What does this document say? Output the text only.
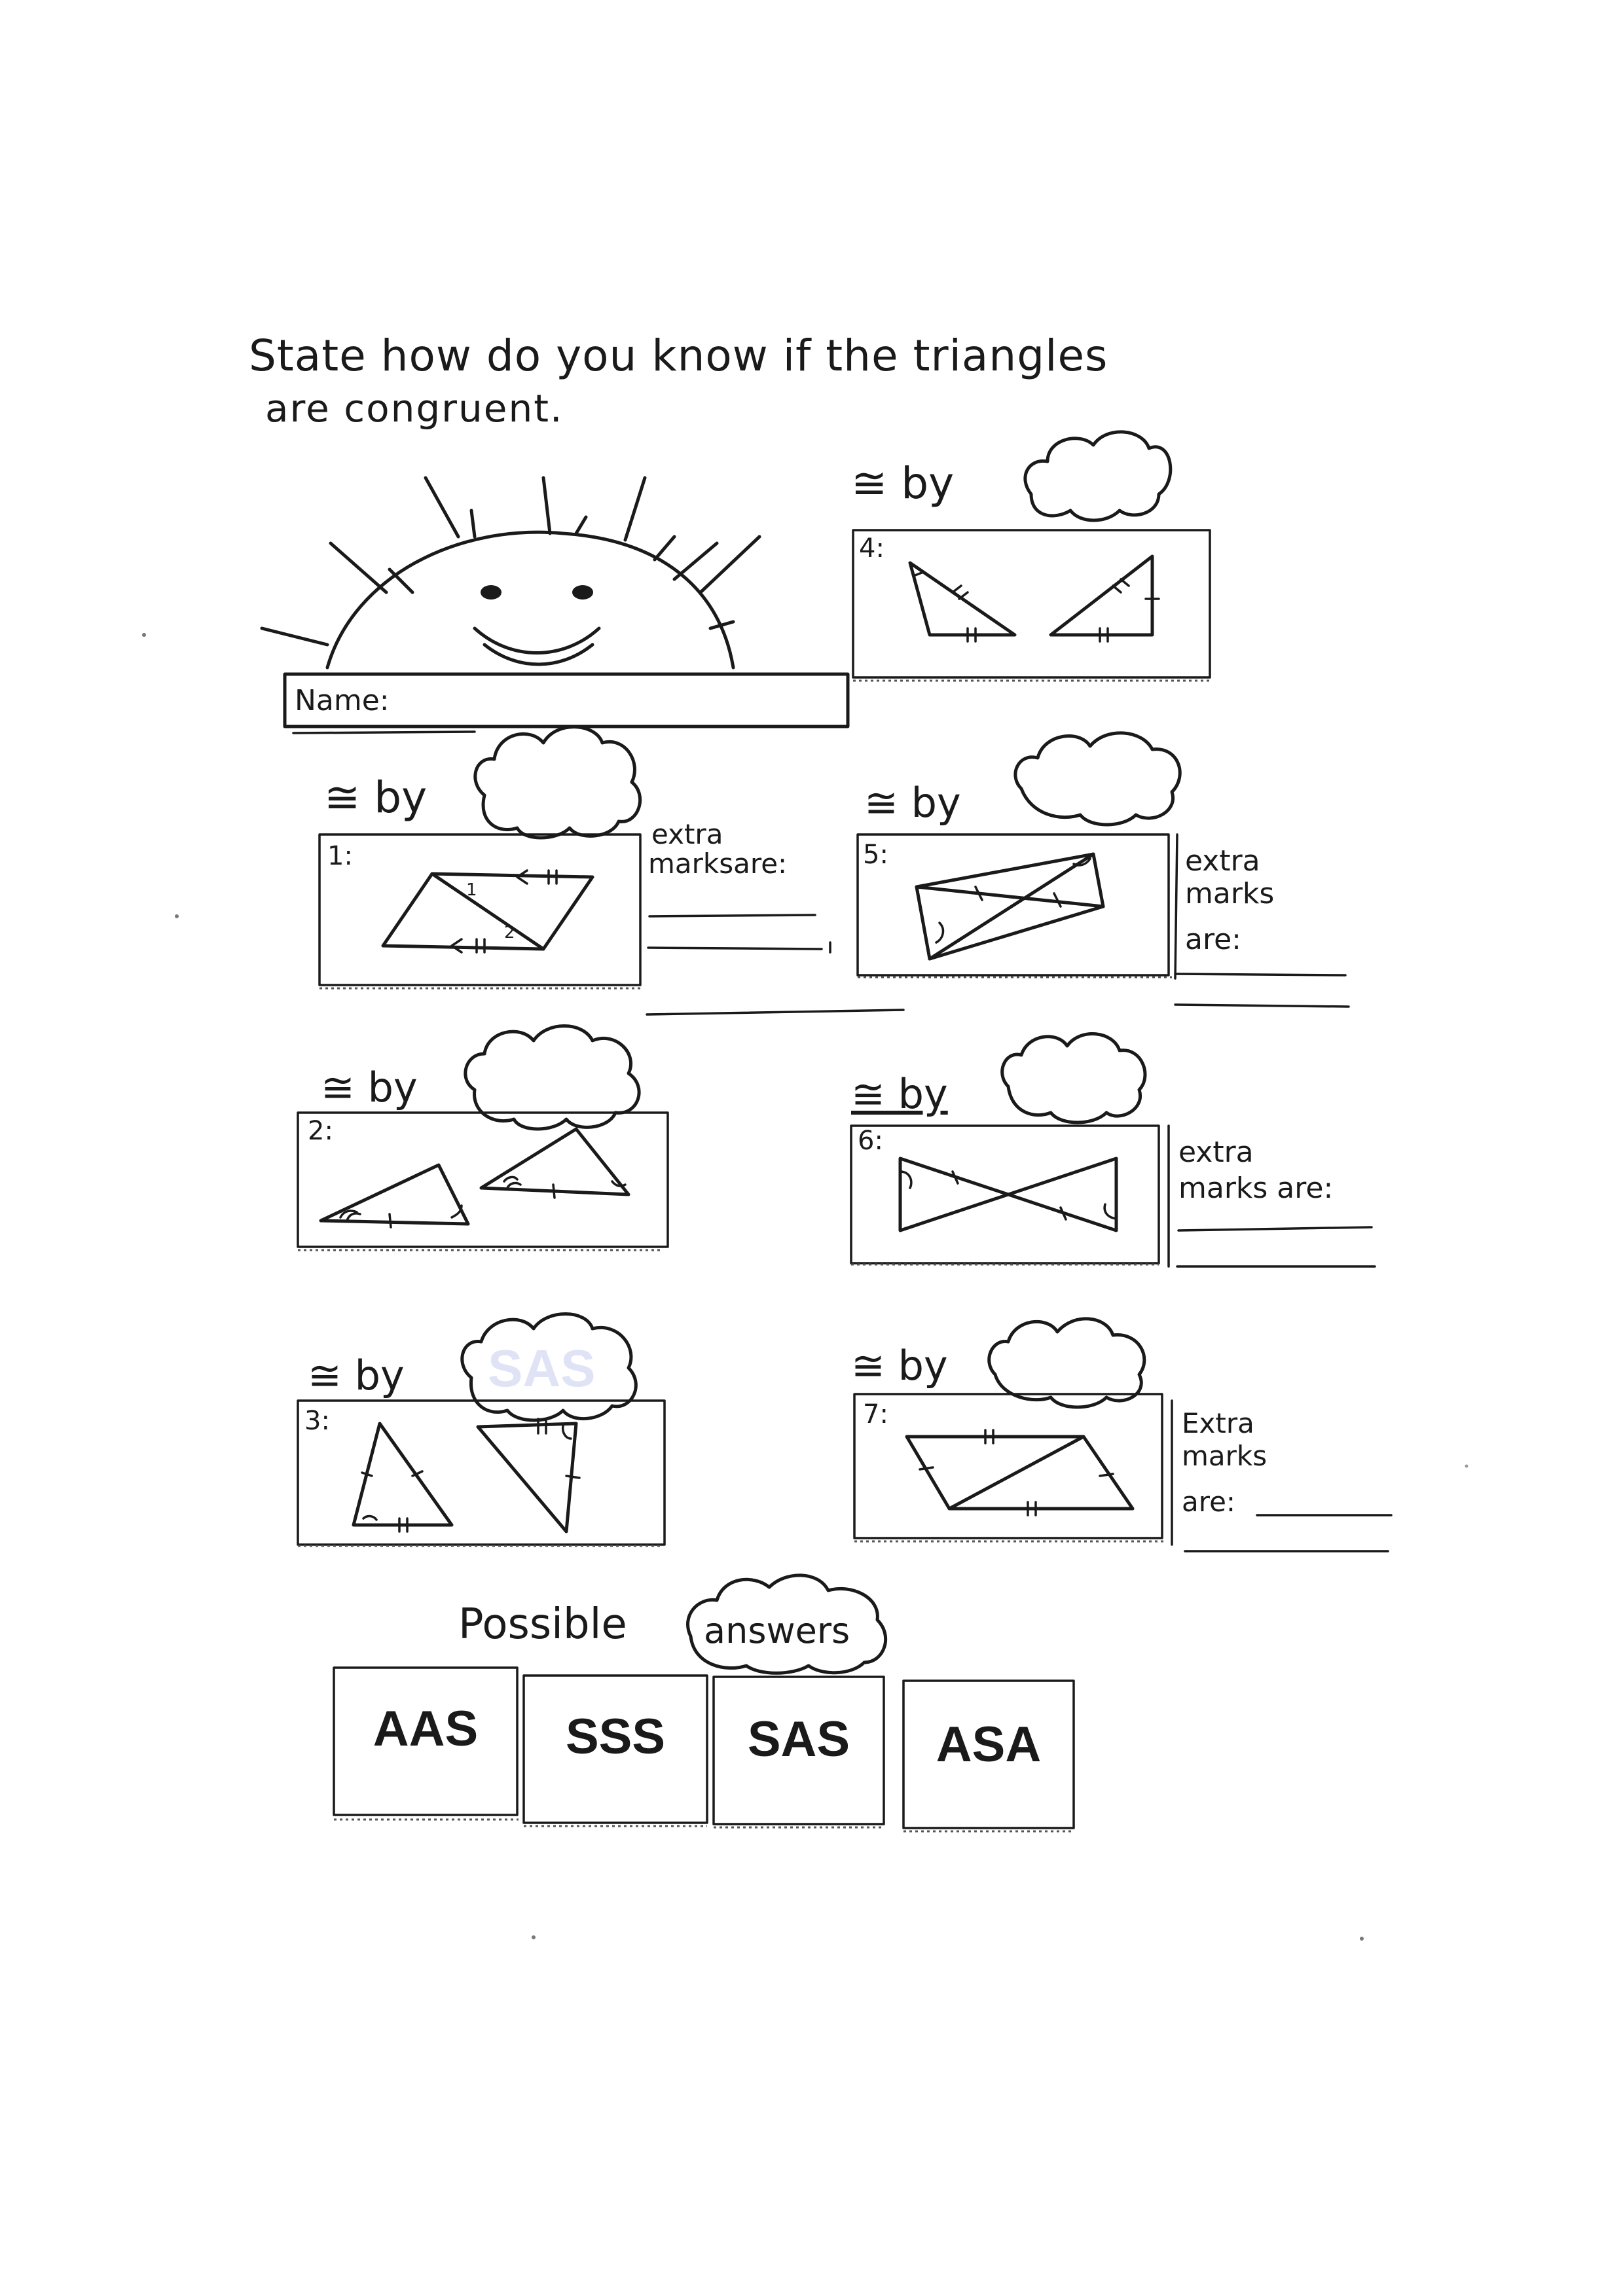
State how do you know if the triangles
are congruent.
Name:
≅ by
4:
≅ by
1:
1
2
extra
marksare:
≅ by
5:	extra
marks
are:
≅ by
2:
≅ by
6:	extra
marks are:
≅ by SAS
3:
≅ by
7:	Extra
marks
are:
Possible answers
AAS	SSS	SAS	ASA
